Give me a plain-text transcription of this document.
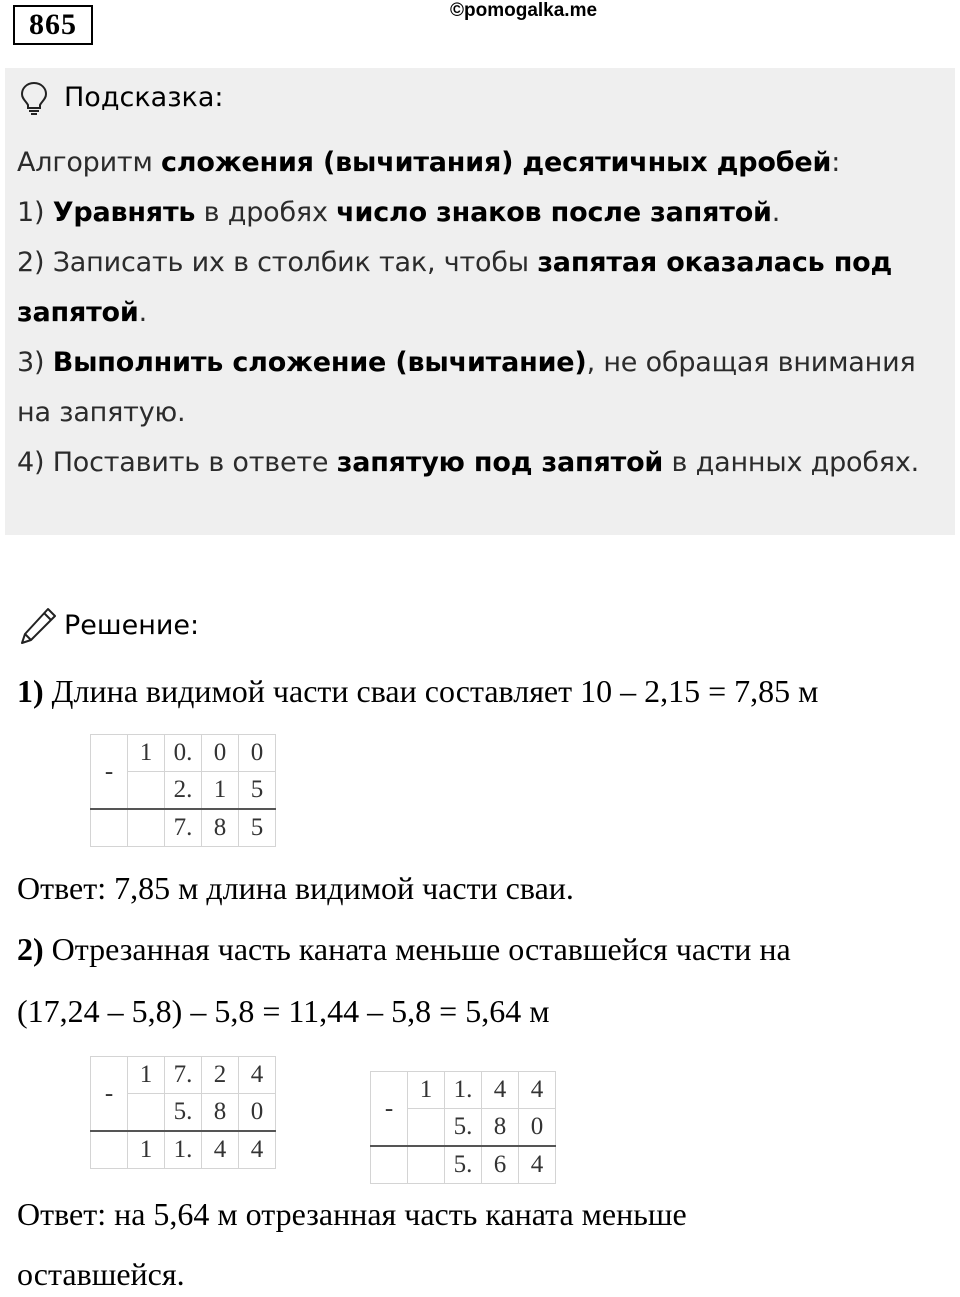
865	©pomogalka.me
Подсказка:
Алгоритм сложения (вычитания) десятичных дробей:
1) Уравнять в дробях число знаков после запятой.
2) Записать их в столбик так, чтобы запятая оказалась под
запятой.
3) Выполнить сложение (вычитание), не обращая внимания
на запятую.
4) Поставить в ответе запятую под запятой в данных дробях.
Решение:
1) Длина видимой части сваи составляет 10 – 2,15 = 7,85 м
-	1	0.	0	0
		2.	1	5
		7.	8	5
Ответ: 7,85 м длина видимой части сваи.
2) Отрезанная часть каната меньше оставшейся части на
(17,24 – 5,8) – 5,8 = 11,44 – 5,8 = 5,64 м
-	1	7.	2	4
		5.	8	0
	1	1.	4	4
-	1	1.	4	4
		5.	8	0
		5.	6	4
Ответ: на 5,64 м отрезанная часть каната меньше
оставшейся.
